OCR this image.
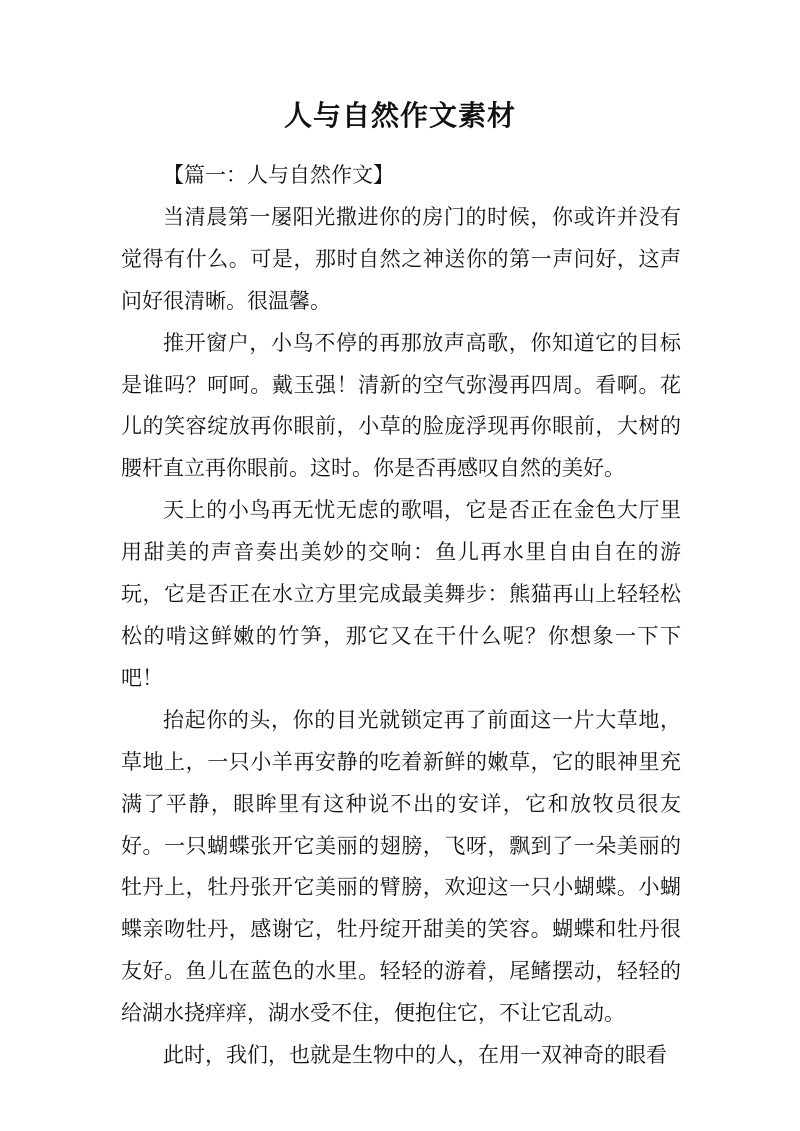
人与自然作文素材

【篇一：人与自然作文】

当清晨第一屡阳光撒进你的房门的时候，你或许并没有觉得有什么。可是，那时自然之神送你的第一声问好，这声问好很清晰。很温馨。

推开窗户，小鸟不停的再那放声高歌，你知道它的目标是谁吗？呵呵。戴玉强！清新的空气弥漫再四周。看啊。花儿的笑容绽放再你眼前，小草的脸庞浮现再你眼前，大树的腰杆直立再你眼前。这时。你是否再感叹自然的美好。

天上的小鸟再无忧无虑的歌唱，它是否正在金色大厅里用甜美的声音奏出美妙的交响：鱼儿再水里自由自在的游玩，它是否正在水立方里完成最美舞步：熊猫再山上轻轻松松的啃这鲜嫩的竹笋，那它又在干什么呢？你想象一下下吧！

抬起你的头，你的目光就锁定再了前面这一片大草地，草地上，一只小羊再安静的吃着新鲜的嫩草，它的眼神里充满了平静，眼眸里有这种说不出的安详，它和放牧员很友好。一只蝴蝶张开它美丽的翅膀，飞呀，飘到了一朵美丽的牡丹上，牡丹张开它美丽的臂膀，欢迎这一只小蝴蝶。小蝴蝶亲吻牡丹，感谢它，牡丹绽开甜美的笑容。蝴蝶和牡丹很友好。鱼儿在蓝色的水里。轻轻的游着，尾鳍摆动，轻轻的给湖水挠痒痒，湖水受不住，便抱住它，不让它乱动。

此时，我们，也就是生物中的人，在用一双神奇的眼看
